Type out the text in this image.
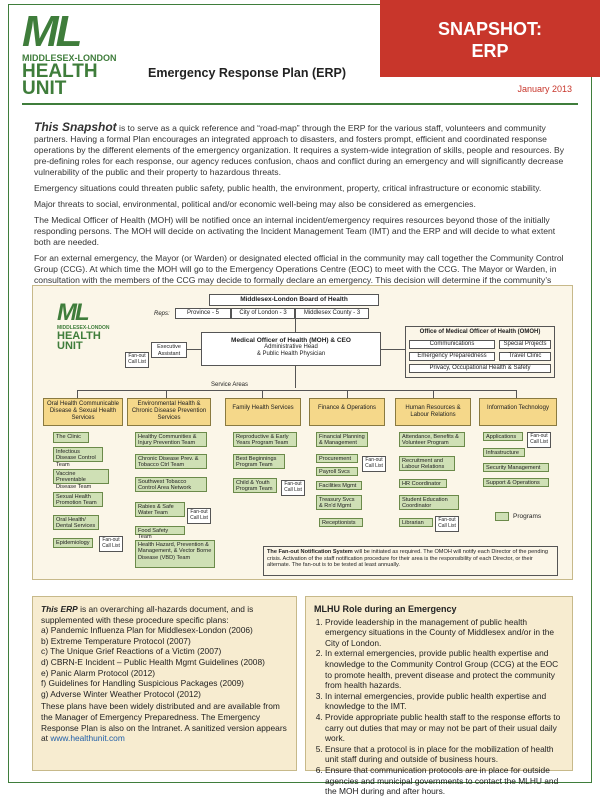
ML
MIDDLESEX-LONDON
HEALTH
UNIT
Emergency Response Plan (ERP)
SNAPSHOT:
ERP
January 2013

This Snapshot is to serve as a quick reference and “road-map” through the ERP for the various staff, volunteers and community partners. Having a formal Plan encourages an integrated approach to disasters, and fosters prompt, efficient and coordinated response operations by the different elements of the emergency organization. It requires a system-wide integration of skills, people and resources. By pre-defining roles for each response, our agency reduces confusion, chaos and conflict during an emergency and will significantly decrease vulnerability of the public and their property to hazardous threats.

Emergency situations could threaten public safety, public health, the environment, property, critical infrastructure or economic stability.

Major threats to social, environmental, political and/or economic well-being may also be considered as emergencies.

The Medical Officer of Health (MOH) will be notified once an internal incident/emergency requires resources beyond those of the initially responding persons. The MOH will decide on activating the Incident Management Team (IMT) and the ERP and will decide to what extent both are needed.

For an external emergency, the Mayor (or Warden) or designated elected official in the community may call together the Community Control Group (CCG). At which time the MOH will go to the Emergency Operations Centre (EOC) to meet with the CCG. The Mayor or Warden, in consultation with the members of the CCG may decide to formally declare an emergency. This decision will determine if the community’s

ML
MIDDLESEX-LONDON
HEALTH
UNIT
Middlesex-London Board of Health
Reps:	Province - 5	City of London - 3	Middlesex County - 3
Medical Officer of Health (MOH) & CEO
Administrative Head
& Public Health Physician
Executive Assistant
Fan-out Call List
Office of Medical Officer of Health (OMOH)
Communications	Special Projects
Emergency Preparedness	Travel Clinic
Privacy, Occupational Health & Safety
Service Areas
Oral Health Communicable Disease & Sexual Health Services
Environmental Health & Chronic Disease Prevention Services
Family Health Services	Finance & Operations	Human Resources & Labour Relations
Information Technology
The Clinic
Infectious Disease Control Team
Vaccine Preventable Disease Team
Sexual Health Promotion Team
Oral Health/ Dental Services
Epidemiology	Fan-out Call List
Healthy Communities & Injury Prevention Team
Chronic Disease Prev. & Tobacco Ctrl Team
Southwest Tobacco Control Area Network
Rabies & Safe Water Team	Fan-out Call List
Food Safety Team
Health Hazard, Prevention & Management, & Vector Borne Disease (VBD) Team
Reproductive & Early Years Program Team
Best Beginnings Program Team
Child & Youth Program Team
Fan-out Call List
Financial Planning & Management
Procurement	Fan-out Call List
Payroll Svcs
Facilities Mgmt
Treasury Svcs & Rn'd Mgmt
Receptionists
Attendance, Benefits & Volunteer Program
Recruitment and Labour Relations
HR Coordinator
Student Education Coordinator
Librarian	Fan-out Call List
Applications	Fan-out Call List
Infrastructure
Security Management
Support & Operations
Programs
The Fan-out Notification System will be initiated as required. The OMOH will notify each Director of the pending crisis. Activation of the staff notification procedure for their area is the responsibility of each Director, or their alternate. The fan-out is to be tested at least annually.
This ERP is an overarching all-hazards document, and is supplemented with these procedure specific plans:
a) Pandemic Influenza Plan for Middlesex-London (2006)
b) Extreme Temperature Protocol (2007)
c) The Unique Grief Reactions of a Victim (2007)
d) CBRN-E Incident – Public Health Mgmt Guidelines (2008)
e) Panic Alarm Protocol (2012)
f) Guidelines for Handling Suspicious Packages (2009)
g) Adverse Winter Weather Protocol (2012)
These plans have been widely distributed and are available from the Manager of Emergency Preparedness. The Emergency Response Plan is also on the Intranet. A sanitized version appears at www.healthunit.com
MLHU Role during an Emergency
1. Provide leadership in the management of public health emergency situations in the County of Middlesex and/or in the City of London.
2. In external emergencies, provide public health expertise and knowledge to the Community Control Group (CCG) at the EOC to promote health, prevent disease and protect the community from health hazards.
3. In internal emergencies, provide public health expertise and knowledge to the IMT.
4. Provide appropriate public health staff to the response efforts to carry out duties that may or may not be part of their usual daily work.
5. Ensure that a protocol is in place for the mobilization of health unit staff during and outside of business hours.
6. Ensure that communication protocols are in place for outside agencies and municipal governments to contact the MLHU and the MOH during and after hours.
